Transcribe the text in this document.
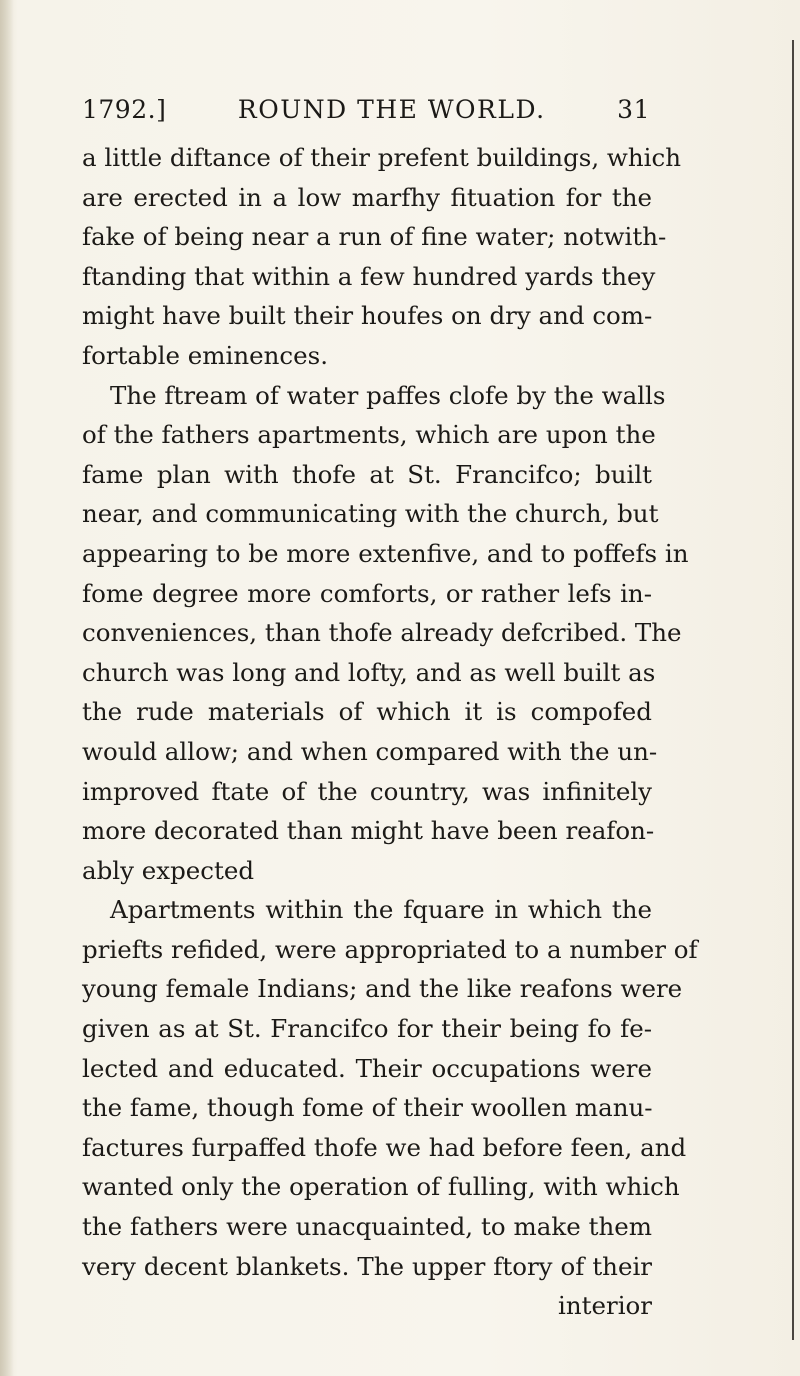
1792.]	ROUND THE WORLD.	31
a little diftance of their prefent buildings, which
are erected in a low marfhy fituation for the
fake of being near a run of fine water; notwith-
ftanding that within a few hundred yards they
might have built their houfes on dry and com-
fortable eminences.
The ftream of water paffes clofe by the walls
of the fathers apartments, which are upon the
fame plan with thofe at St. Francifco; built
near, and communicating with the church, but
appearing to be more extenfive, and to poffefs in
fome degree more comforts, or rather lefs in-
conveniences, than thofe already defcribed. The
church was long and lofty, and as well built as
the rude materials of which it is compofed
would allow; and when compared with the un-
improved ftate of the country, was infinitely
more decorated than might have been reafon-
ably expected
Apartments within the fquare in which the
priefts refided, were appropriated to a number of
young female Indians; and the like reafons were
given as at St. Francifco for their being fo fe-
lected and educated. Their occupations were
the fame, though fome of their woollen manu-
factures furpaffed thofe we had before feen, and
wanted only the operation of fulling, with which
the fathers were unacquainted, to make them
very decent blankets. The upper ftory of their
interior
